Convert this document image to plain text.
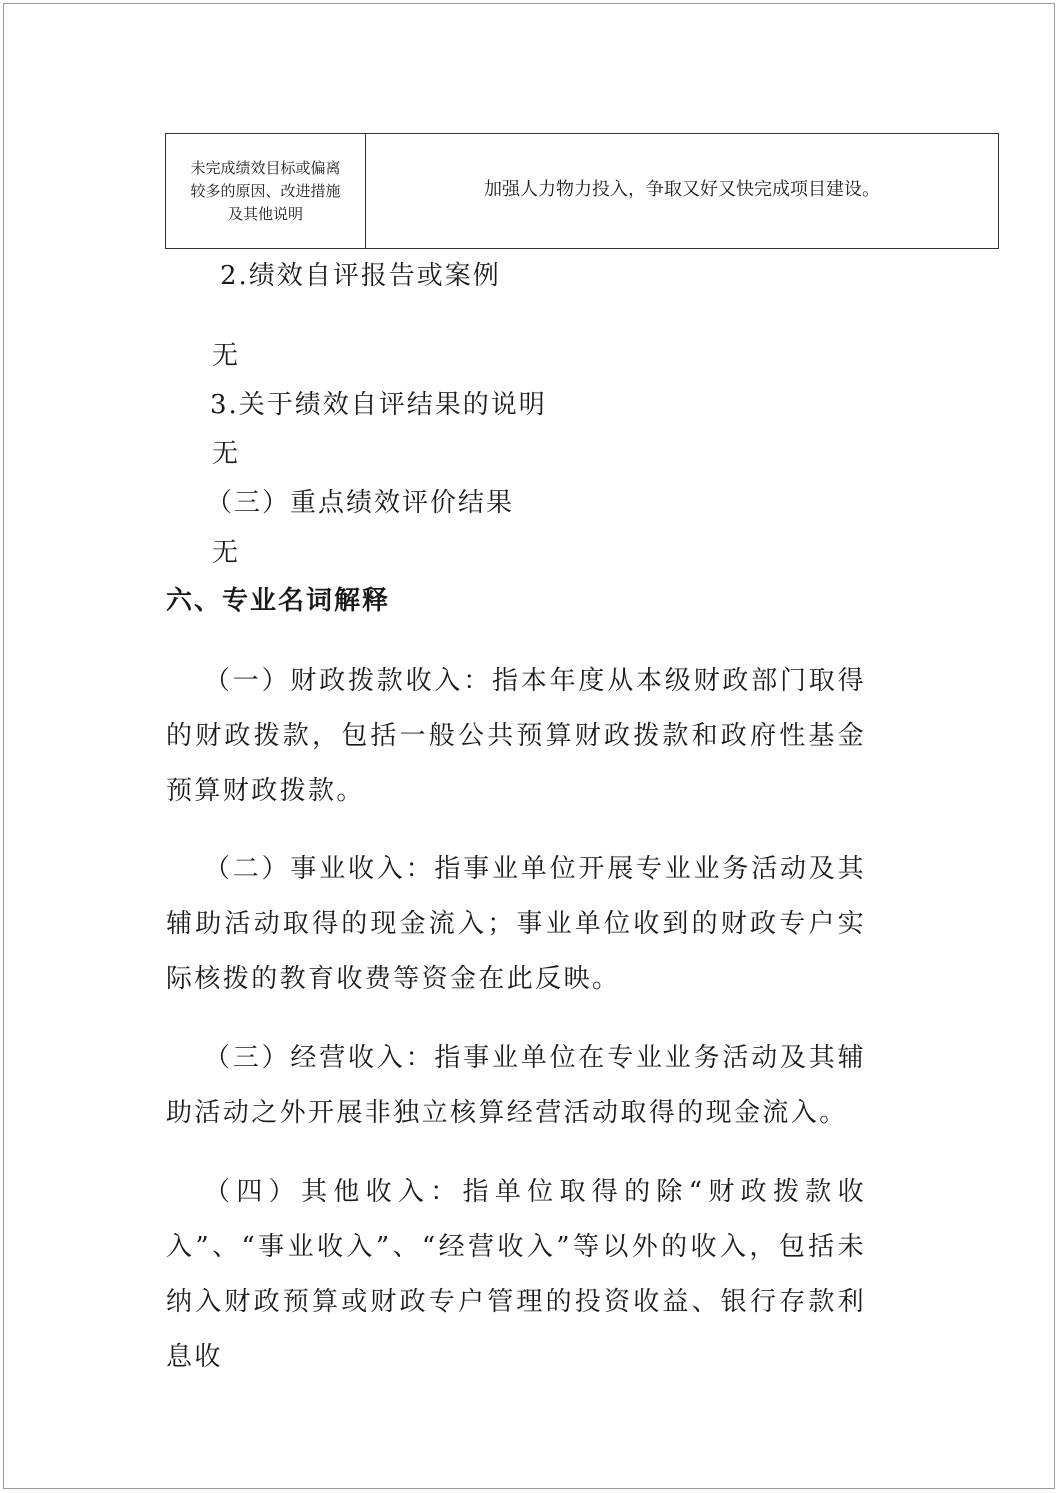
未完成绩效目标或偏离
较多的原因、改进措施
及其他说明
	加强人力物力投入，争取又好又快完成项目建设。
2.绩效自评报告或案例
无
3.关于绩效自评结果的说明
无
（三）重点绩效评价结果
无
六、专业名词解释
（一）财政拨款收入：指本年度从本级财政部门取得的财政拨款，包括一般公共预算财政拨款和政府性基金预算财政拨款。
（二）事业收入：指事业单位开展专业业务活动及其辅助活动取得的现金流入；事业单位收到的财政专户实际核拨的教育收费等资金在此反映。
（三）经营收入：指事业单位在专业业务活动及其辅助活动之外开展非独立核算经营活动取得的现金流入。
（四）其他收入：指单位取得的除“财政拨款收入”、“事业收入”、“经营收入”等以外的收入，包括未纳入财政预算或财政专户管理的投资收益、银行存款利息收
